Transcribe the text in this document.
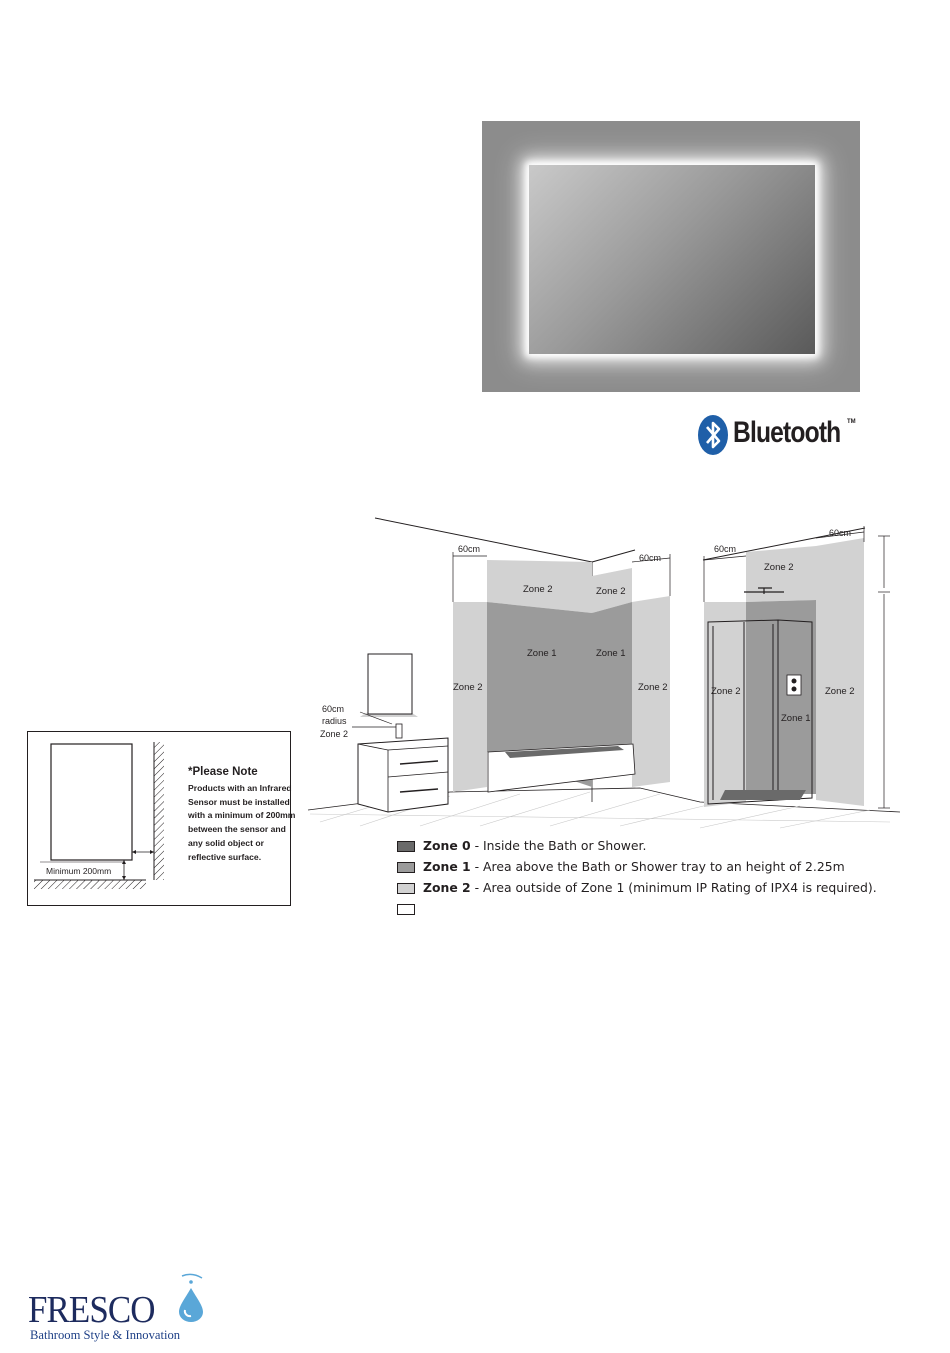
Bluetooth TM
*Please Note
Products with an Infrared Sensor must be installed with a minimum of 200mm between the sensor and any solid object or reflective surface.
Minimum 200mm
60cm
60cm
60cm
60cm
60cm
radius
Zone 2
Zone 2	Zone 2
Zone 1	Zone 1
Zone 2	Zone 2
Zone 2
Zone 2
Zone 1
Zone 2
Zone 0 - Inside the Bath or Shower.
Zone 1 - Area above the Bath or Shower tray to an height of 2.25m
Zone 2 - Area outside of Zone 1 (minimum IP Rating of IPX4 is required).
FRESCO
Bathroom Style & Innovation
